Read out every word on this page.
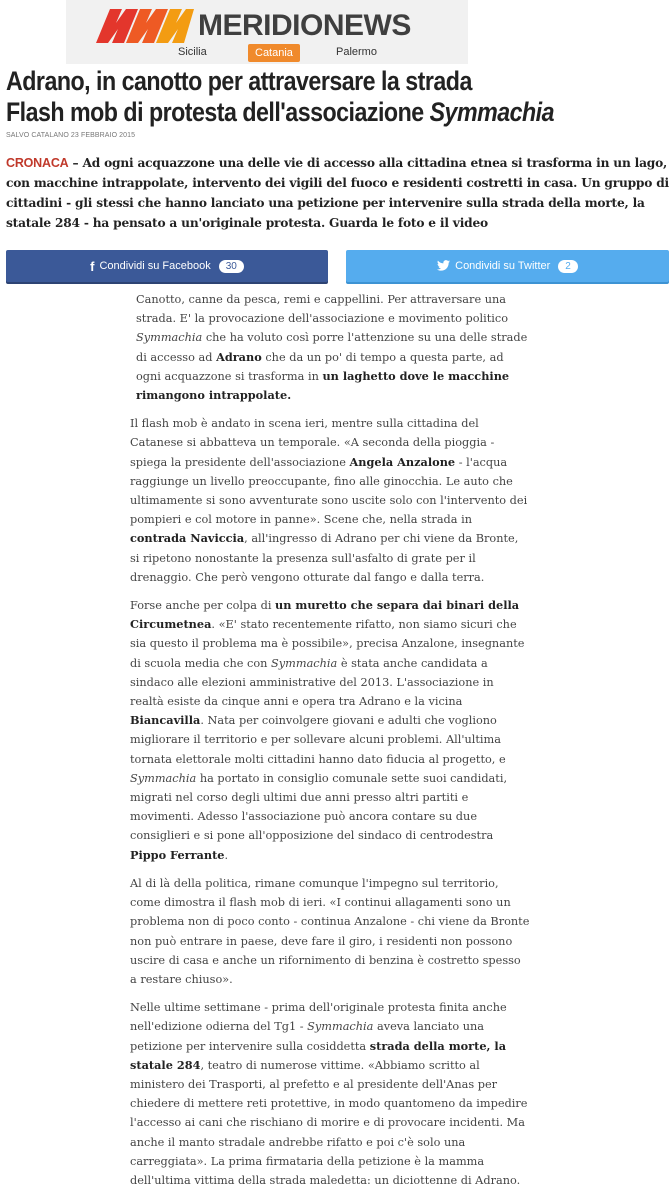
MERIDIONEWS
Sicilia	Catania	Palermo
Adrano, in canotto per attraversare la strada
Flash mob di protesta dell'associazione Symmachia
SALVO CATALANO 23 FEBBRAIO 2015

CRONACA – Ad ogni acquazzone una delle vie di accesso alla cittadina etnea si trasforma in un lago, con macchine intrappolate, intervento dei vigili del fuoco e residenti costretti in casa. Un gruppo di cittadini - gli stessi che hanno lanciato una petizione per intervenire sulla strada della morte, la statale 284 - ha pensato a un'originale protesta. Guarda le foto e il video

f Condividi su Facebook	30	Condividi su Twitter	2

Canotto, canne da pesca, remi e cappellini. Per attraversare una strada. E' la provocazione dell'associazione e movimento politico Symmachia che ha voluto così porre l'attenzione su una delle strade di accesso ad Adrano che da un po' di tempo a questa parte, ad ogni acquazzone si trasforma in un laghetto dove le macchine rimangono intrappolate.

Il flash mob è andato in scena ieri, mentre sulla cittadina del Catanese si abbatteva un temporale. «A seconda della pioggia - spiega la presidente dell'associazione Angela Anzalone - l'acqua raggiunge un livello preoccupante, fino alle ginocchia. Le auto che ultimamente si sono avventurate sono uscite solo con l'intervento dei pompieri e col motore in panne». Scene che, nella strada in contrada Naviccia, all'ingresso di Adrano per chi viene da Bronte, si ripetono nonostante la presenza sull'asfalto di grate per il drenaggio. Che però vengono otturate dal fango e dalla terra.

Forse anche per colpa di un muretto che separa dai binari della Circumetnea. «E' stato recentemente rifatto, non siamo sicuri che sia questo il problema ma è possibile», precisa Anzalone, insegnante di scuola media che con Symmachia è stata anche candidata a sindaco alle elezioni amministrative del 2013. L'associazione in realtà esiste da cinque anni e opera tra Adrano e la vicina Biancavilla. Nata per coinvolgere giovani e adulti che vogliono migliorare il territorio e per sollevare alcuni problemi. All'ultima tornata elettorale molti cittadini hanno dato fiducia al progetto, e Symmachia ha portato in consiglio comunale sette suoi candidati, migrati nel corso degli ultimi due anni presso altri partiti e movimenti. Adesso l'associazione può ancora contare su due consiglieri e si pone all'opposizione del sindaco di centrodestra Pippo Ferrante.

Al di là della politica, rimane comunque l'impegno sul territorio, come dimostra il flash mob di ieri. «I continui allagamenti sono un problema non di poco conto - continua Anzalone - chi viene da Bronte non può entrare in paese, deve fare il giro, i residenti non possono uscire di casa e anche un rifornimento di benzina è costretto spesso a restare chiuso».

Nelle ultime settimane - prima dell'originale protesta finita anche nell'edizione odierna del Tg1 - Symmachia aveva lanciato una petizione per intervenire sulla cosiddetta strada della morte, la statale 284, teatro di numerose vittime. «Abbiamo scritto al ministero dei Trasporti, al prefetto e al presidente dell'Anas per chiedere di mettere reti protettive, in modo quantomeno da impedire l'accesso ai cani che rischiano di morire e di provocare incidenti. Ma anche il manto stradale andrebbe rifatto e poi c'è solo una carreggiata». La prima firmataria della petizione è la mamma dell'ultima vittima della strada maledetta: un diciottenne di Adrano.
